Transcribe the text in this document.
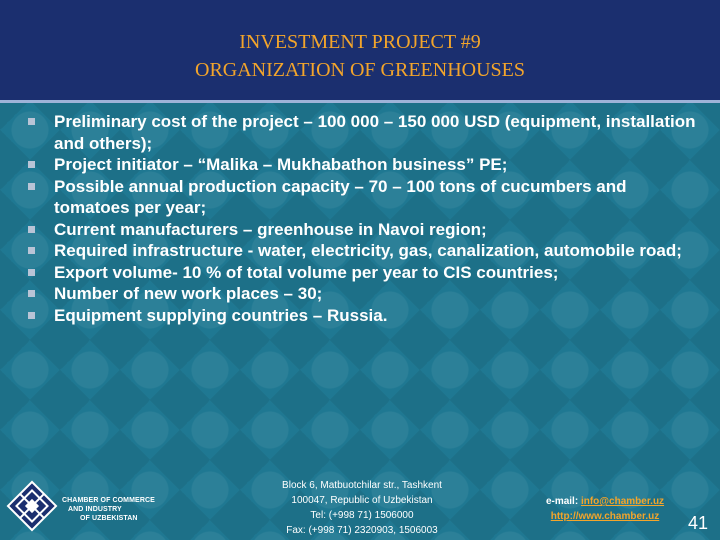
INVESTMENT PROJECT #9
ORGANIZATION OF GREENHOUSES
Preliminary cost of the project – 100 000 – 150 000 USD (equipment, installation and others);
Project initiator – “Malika – Mukhabathon business” PE;
Possible annual production capacity – 70 – 100 tons of cucumbers and tomatoes per year;
Current manufacturers – greenhouse in Navoi region;
Required infrastructure - water, electricity, gas, canalization, automobile road;
Export volume- 10 % of total volume per year to CIS countries;
Number of new work places – 30;
Equipment supplying countries – Russia.
CHAMBER OF COMMERCE
AND INDUSTRY
OF UZBEKISTAN
Block 6, Matbuotchilar str., Tashkent
100047, Republic of Uzbekistan
Tel: (+998 71) 1506000
Fax: (+998 71) 2320903, 1506003
e-mail: info@chamber.uz
http://www.chamber.uz	41
